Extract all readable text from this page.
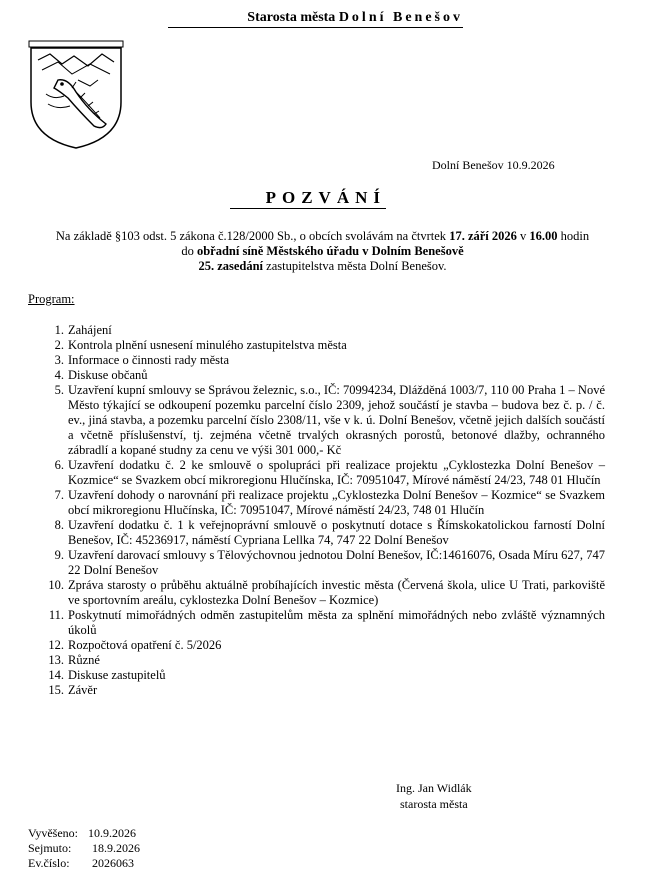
Starosta města Dolní Benešov
Dolní Benešov 10.9.2026
POZVÁNÍ
Na základě §103 odst. 5 zákona č.128/2000 Sb., o obcích svolávám na čtvrtek 17. září 2026 v 16.00 hodin
do obřadní síně Městského úřadu v Dolním Benešově
25. zasedání zastupitelstva města Dolní Benešov.
Program:
1. Zahájení
2. Kontrola plnění usnesení minulého zastupitelstva města
3. Informace o činnosti rady města
4. Diskuse občanů
5. Uzavření kupní smlouvy se Správou železnic, s.o., IČ: 70994234, Dlážděná 1003/7, 110 00 Praha 1 – Nové Město týkající se odkoupení pozemku parcelní číslo 2309, jehož součástí je stavba – budova bez č. p. / č. ev., jiná stavba, a pozemku parcelní číslo 2308/11, vše v k. ú. Dolní Benešov, včetně jejich dalších součástí a včetně příslušenství, tj. zejména včetně trvalých okrasných porostů, betonové dlažby, ochranného zábradlí a kopané studny za cenu ve výši 301 000,- Kč
6. Uzavření dodatku č. 2 ke smlouvě o spolupráci při realizace projektu „Cyklostezka Dolní Benešov – Kozmice“ se Svazkem obcí mikroregionu Hlučínska, IČ: 70951047, Mírové náměstí 24/23, 748 01 Hlučín
7. Uzavření dohody o narovnání při realizace projektu „Cyklostezka Dolní Benešov – Kozmice“ se Svazkem obcí mikroregionu Hlučínska, IČ: 70951047, Mírové náměstí 24/23, 748 01 Hlučín
8. Uzavření dodatku č. 1 k veřejnoprávní smlouvě o poskytnutí dotace s Římskokatolickou farností Dolní Benešov, IČ: 45236917, náměstí Cypriana Lellka 74, 747 22 Dolní Benešov
9. Uzavření darovací smlouvy s Tělovýchovnou jednotou Dolní Benešov, IČ:14616076, Osada Míru 627, 747 22 Dolní Benešov
10. Zpráva starosty o průběhu aktuálně probíhajících investic města (Červená škola, ulice U Trati, parkoviště ve sportovním areálu, cyklostezka Dolní Benešov – Kozmice)
11. Poskytnutí mimořádných odměn zastupitelům města za splnění mimořádných nebo zvláště významných úkolů
12. Rozpočtová opatření č. 5/2026
13. Různé
14. Diskuse zastupitelů
15. Závěr
Ing. Jan Widlák
starosta města
Vyvěšeno: 10.9.2026
Sejmuto:	18.9.2026
Ev.číslo:	2026063
